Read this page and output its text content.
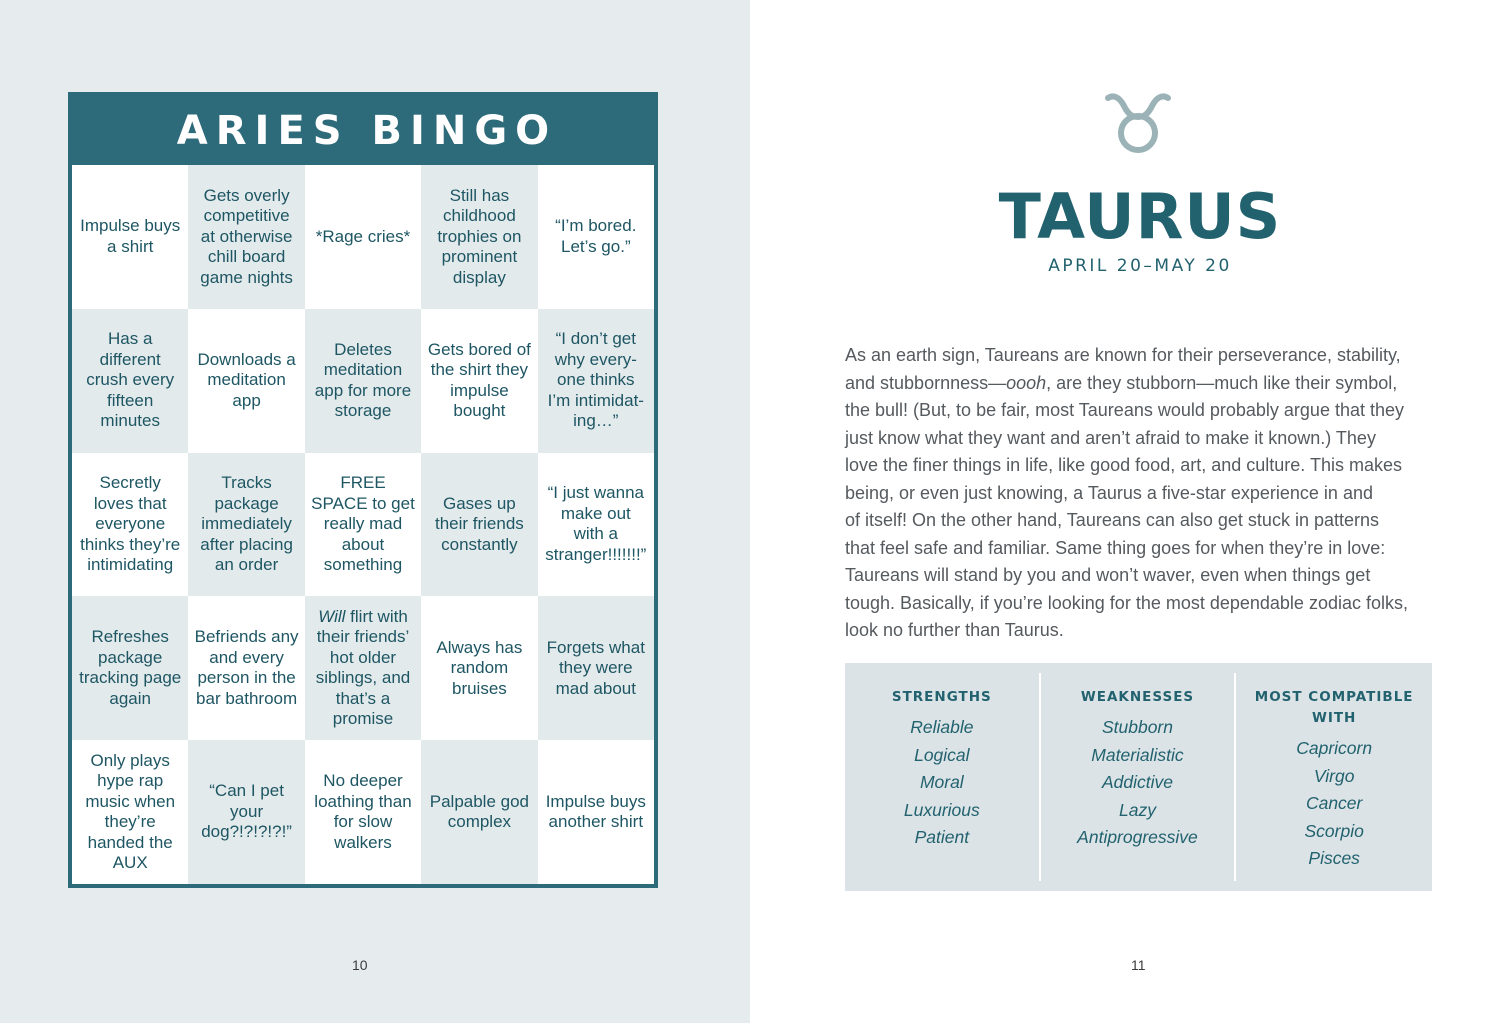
ARIES BINGO
Impulse buys a shirt
Gets overly competitive at otherwise chill board game nights
*Rage cries*
Still has childhood trophies on prominent display
“I’m bored. Let’s go.”
Has a different crush every fifteen minutes
Downloads a meditation app
Deletes meditation app for more storage
Gets bored of the shirt they impulse bought
“I don’t get why every-one thinks I’m intimidat-ing…”
Secretly loves that everyone thinks they’re intimidating
Tracks package immediately after placing an order
FREE SPACE to get really mad about something
Gases up their friends constantly
“I just wanna make out with a stranger!!!!!!!”
Refreshes package tracking page again
Befriends any and every person in the bar bathroom
Will flirt with their friends’ hot older siblings, and that’s a promise
Always has random bruises
Forgets what they were mad about
Only plays hype rap music when they’re handed the AUX
“Can I pet your dog?!?!?!?!”
No deeper loathing than for slow walkers
Palpable god complex
Impulse buys another shirt
10
TAURUS
APRIL 20–MAY 20
As an earth sign, Taureans are known for their perseverance, stability,
and stubbornness—oooh, are they stubborn—much like their symbol,
the bull! (But, to be fair, most Taureans would probably argue that they
just know what they want and aren’t afraid to make it known.) They
love the finer things in life, like good food, art, and culture. This makes
being, or even just knowing, a Taurus a five-star experience in and
of itself! On the other hand, Taureans can also get stuck in patterns
that feel safe and familiar. Same thing goes for when they’re in love:
Taureans will stand by you and won’t waver, even when things get
tough. Basically, if you’re looking for the most dependable zodiac folks,
look no further than Taurus.
STRENGTHS
Reliable
Logical
Moral
Luxurious
Patient
WEAKNESSES
Stubborn
Materialistic
Addictive
Lazy
Antiprogressive
MOST COMPATIBLE WITH
Capricorn
Virgo
Cancer
Scorpio
Pisces
11
